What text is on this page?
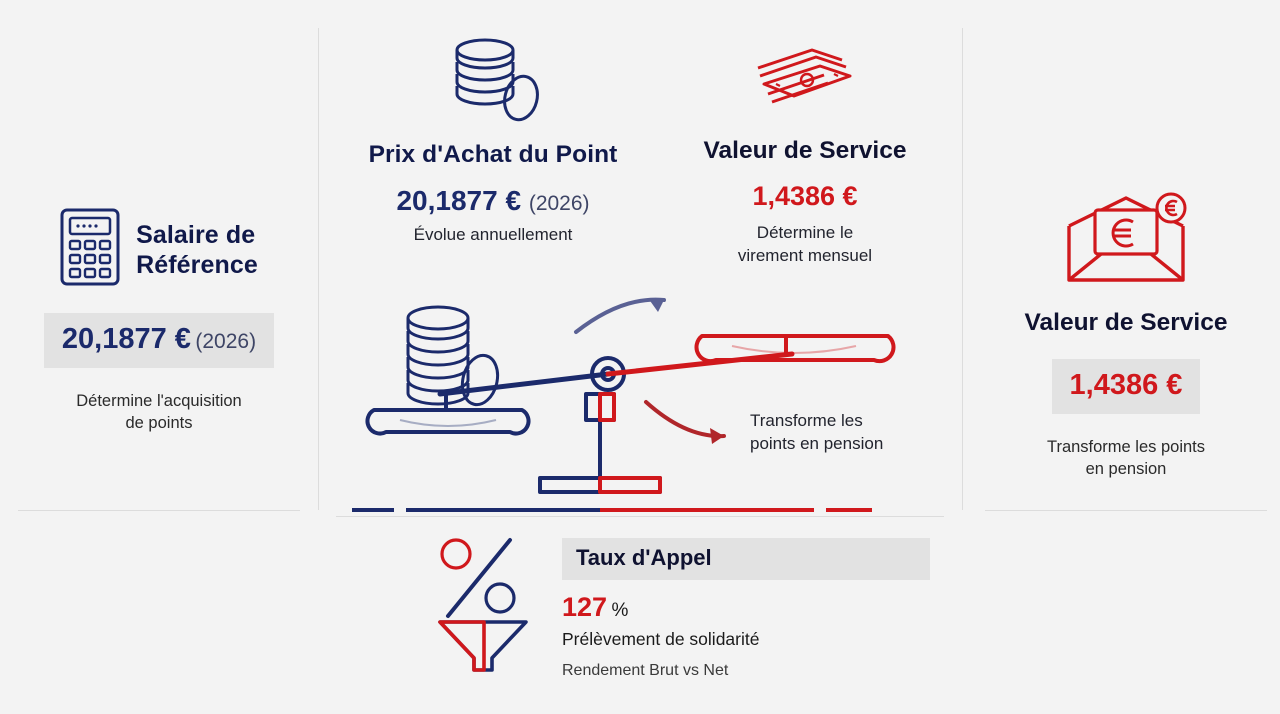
Salaire de
Référence
20,1877 € (2026)
Détermine l'acquisition
de points
Prix d'Achat du Point
20,1877 € (2026)
Évolue annuellement
Valeur de Service
1,4386 €
Détermine le
virement mensuel
Transforme les
points en pension
Valeur de Service
1,4386 €
Transforme les points
en pension
Taux d'Appel
127 %
Prélèvement de solidarité
Rendement Brut vs Net
